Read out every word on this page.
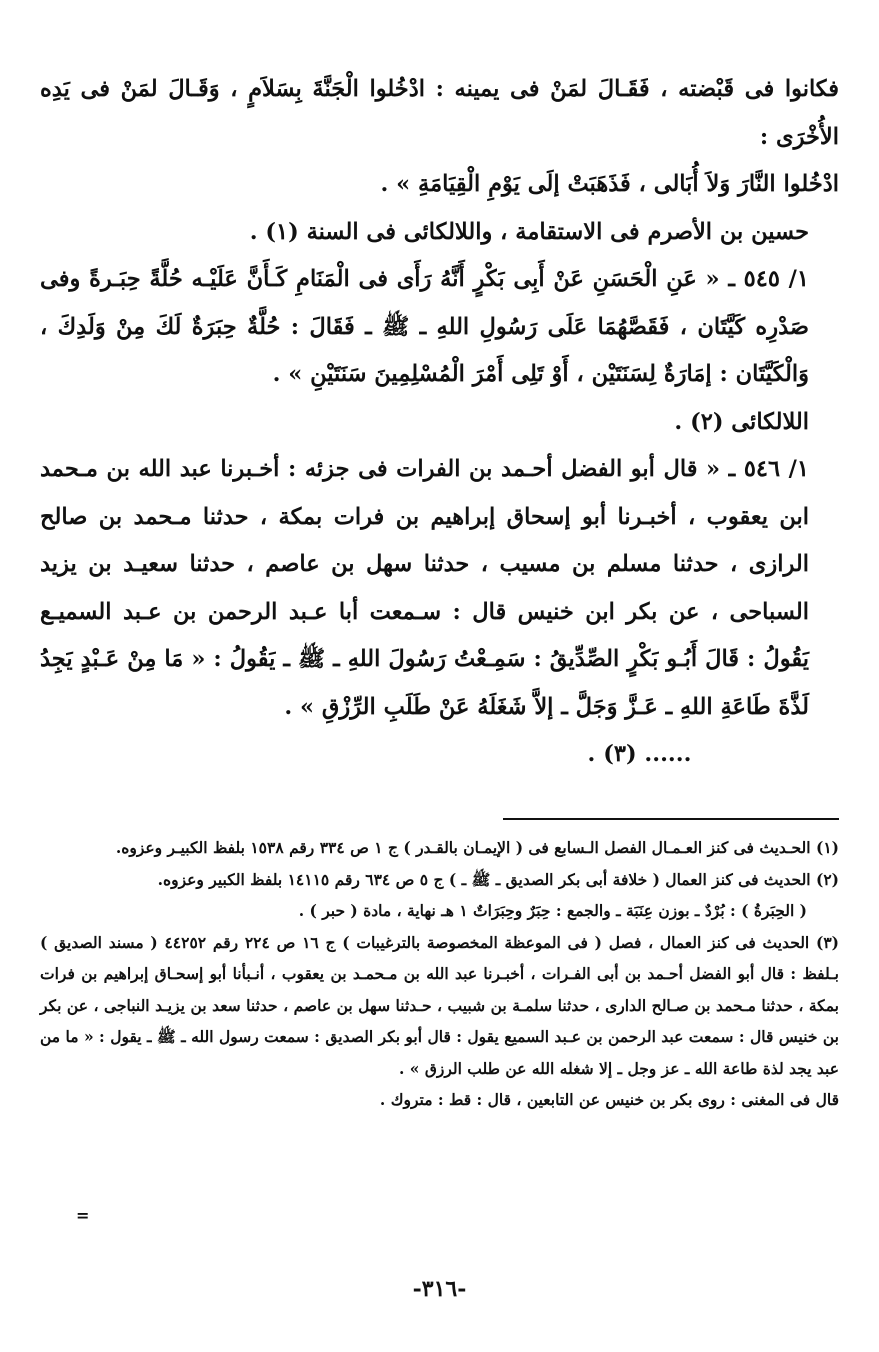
فكانوا فى قَبْضته ، فَقَـالَ لمَنْ فى يمينه : ادْخُلوا الْجَنَّةَ بِسَلاَمٍ ، وَقَـالَ لمَنْ فى يَدِه الأُخْرَى :

ادْخُلوا النَّارَ وَلاَ أُبَالى ، فَذَهَبَتْ إلَى يَوْمِ الْقِيَامَةِ » .

حسين بن الأصرم فى الاستقامة ، واللالكائى فى السنة (١) .

١/ ٥٤٥ ـ « عَنِ الْحَسَنِ عَنْ أَبِى بَكْرٍ أَنَّهُ رَأَى فى الْمَنَامِ كَـأَنَّ عَلَيْـه حُلَّةً حِبَـرةً وفى صَدْرِه كَيَّتَان ، فَقَصَّهُمَا عَلَى رَسُولِ اللهِ ـ ﷺ ـ فَقَالَ : حُلَّةٌ حِبَرَةٌ لَكَ مِنْ وَلَدِكَ ، وَالْكَيَّتَان : إمَارَةٌ لِسَنَتَيْن ، أَوْ تَلِى أَمْرَ الْمُسْلِمِينَ سَنَتَيْنِ » .

اللالكائى (٢) .

١/ ٥٤٦ ـ « قال أبو الفضل أحـمد بن الفرات فى جزئه : أخـبرنا عبد الله بن مـحمد ابن يعقوب ، أخبـرنا أبو إسحاق إبراهيم بن فرات بمكة ، حدثنا مـحمد بن صالح الرازى ، حدثنا مسلم بن مسيب ، حدثنا سهل بن عاصم ، حدثنا سعيـد بن يزيد السباحى ، عن بكر ابن خنيس قال : سـمعت أبا عـبد الرحمن بن عـبد السميـع يَقُولُ : قَالَ أَبُـو بَكْرٍ الصِّدِّيقُ : سَمِـعْتُ رَسُولَ اللهِ ـ ﷺ ـ يَقُولُ : « مَا مِنْ عَـبْدٍ يَجِدُ لَذَّةَ طَاعَةِ اللهِ ـ عَـزَّ وَجَلَّ ـ إلاَّ شَغَلَهُ عَنْ طَلَبِ الرِّزْقِ » .

...... (٣) .

(١) الحـديث فى كنز العـمـال الفصل الـسابع فى ( الإيمـان بالقـدر ) ج ١ ص ٣٣٤ رقم ١٥٣٨ بلفظ الكبيـر وعزوه.

(٢) الحديث فى كنز العمال ( خلافة أبى بكر الصديق ـ ﷺ ـ ) ج ٥ ص ٦٣٤ رقم ١٤١١٥ بلفظ الكبير وعزوه.

( الحِبَرةُ ) : بُرْدٌ ـ بوزن عِنَبَة ـ والجمع : حِبَرٌ وحِبَرَاتٌ ١ هـ نهاية ، مادة ( حبر ) .

(٣) الحديث فى كنز العمال ، فصل ( فى الموعظة المخصوصة بالترغيبات ) ج ١٦ ص ٢٢٤ رقم ٤٤٢٥٢ ( مسند الصديق ) بـلفظ : قال أبو الفضل أحـمد بن أبى الفـرات ، أخبـرنا عبد الله بن مـحمـد بن يعقوب ، أنـبأنا أبو إسحـاق إبراهيم بن فرات بمكة ، حدثنا مـحمد بن صـالح الدارى ، حدثنا سلمـة بن شبيب ، حـدثنا سهل بن عاصم ، حدثنا سعد بن يزيـد النباجى ، عن بكر بن خنيس قال : سمعت عبد الرحمن بن عـبد السميع يقول : قال أبو بكر الصديق : سمعت رسول الله ـ ﷺ ـ يقول : « ما من عبد يجد لذة طاعة الله ـ عز وجل ـ إلا شغله الله عن طلب الرزق » .

قال فى المغنى : روى بكر بن خنيس عن التابعين ، قال : قط : متروك .

=
-٣١٦-
